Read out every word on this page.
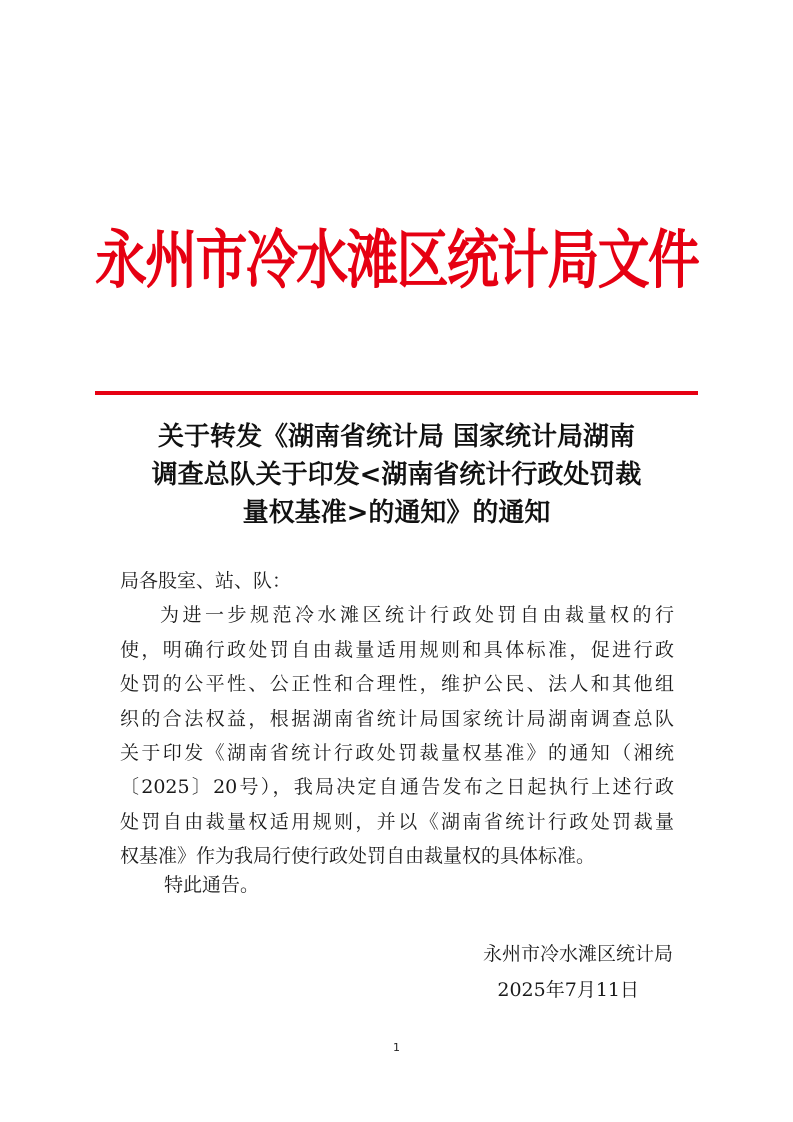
永
州
市
冷
水
滩
区
统
计
局
文
件
关于转发《湖南省统计局 国家统计局湖南
调查总队关于印发<湖南省统计行政处罚裁
量权基准>的通知》的通知
局各股室、站、队：
为进一步规范冷水滩区统计行政处罚自由裁量权的行
使，明确行政处罚自由裁量适用规则和具体标准，促进行政
处罚的公平性、公正性和合理性，维护公民、法人和其他组
织的合法权益，根据湖南省统计局国家统计局湖南调查总队
关于印发《湖南省统计行政处罚裁量权基准》的通知（湘统
〔2025〕20号），我局决定自通告发布之日起执行上述行政
处罚自由裁量权适用规则，并以《湖南省统计行政处罚裁量
权基准》作为我局行使行政处罚自由裁量权的具体标准。
特此通告。
永州市冷水滩区统计局
2025年7月11日
1
